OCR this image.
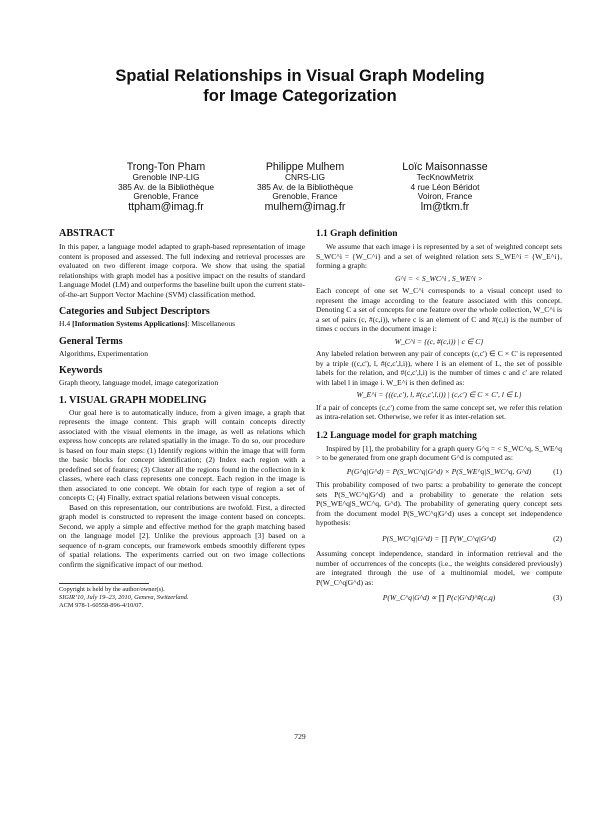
Spatial Relationships in Visual Graph Modeling
for Image Categorization
Trong-Ton Pham
Grenoble INP-LIG
385 Av. de la Bibliothèque
Grenoble, France
ttpham@imag.fr
Philippe Mulhem
CNRS-LIG
385 Av. de la Bibliothèque
Grenoble, France
mulhem@imag.fr
Loïc Maisonnasse
TecKnowMetrix
4 rue Léon Béridot
Voiron, France
lm@tkm.fr

ABSTRACT

In this paper, a language model adapted to graph-based representation of image content is proposed and assessed. The full indexing and retrieval processes are evaluated on two different image corpora. We show that using the spatial relationships with graph model has a positive impact on the results of standard Language Model (LM) and outperforms the baseline built upon the current state-of-the-art Support Vector Machine (SVM) classification method.

Categories and Subject Descriptors

H.4 [Information Systems Applications]: Miscellaneous

General Terms

Algorithms, Experimentation

Keywords

Graph theory, language model, image categorization

1. VISUAL GRAPH MODELING

Our goal here is to automatically induce, from a given image, a graph that represents the image content. This graph will contain concepts directly associated with the visual elements in the image, as well as relations which express how concepts are related spatially in the image. To do so, our procedure is based on four main steps: (1) Identify regions within the image that will form the basic blocks for concept identification; (2) Index each region with a predefined set of features; (3) Cluster all the regions found in the collection in k classes, where each class represents one concept. Each region in the image is then associated to one concept. We obtain for each type of region a set of concepts C; (4) Finally, extract spatial relations between visual concepts.

Based on this representation, our contributions are twofold. First, a directed graph model is constructed to represent the image content based on concepts. Second, we apply a simple and effective method for the graph matching based on the language model [2]. Unlike the previous approach [3] based on a sequence of n-gram concepts, our framework embeds smoothly different types of spatial relations. The experiments carried out on two image collections confirm the significative impact of our method.

Copyright is held by the author/owner(s).

SIGIR’10, July 19–23, 2010, Geneva, Switzerland.

ACM 978-1-60558-896-4/10/07.

1.1 Graph definition

We assume that each image i is represented by a set of weighted concept sets S_WC^i = {W_C^i} and a set of weighted relation sets S_WE^i = {W_E^i}, forming a graph:

G^i = < S_WC^i , S_WE^i >

Each concept of one set W_C^i corresponds to a visual concept used to represent the image according to the feature associated with this concept. Denoting C a set of concepts for one feature over the whole collection, W_C^i is a set of pairs (c, #(c,i)), where c is an element of C and #(c,i) is the number of times c occurs in the document image i:

W_C^i = {(c, #(c,i)) | c ∈ C}

Any labeled relation between any pair of concepts (c,c') ∈ C × C' is represented by a triple ((c,c'), l, #(c,c',l,i)), where l is an element of L, the set of possible labels for the relation, and #(c,c',l,i) is the number of times c and c' are related with label l in image i. W_E^i is then defined as:

W_E^i = {((c,c'), l, #(c,c',l,i)) | (c,c') ∈ C × C', l ∈ L}

If a pair of concepts (c,c') come from the same concept set, we refer this relation as intra-relation set. Otherwise, we refer it as inter-relation set.

1.2 Language model for graph matching

Inspired by [1], the probability for a graph query G^q = < S_WC^q, S_WE^q > to be generated from one graph document G^d is computed as:

P(G^q|G^d) = P(S_WC^q|G^d) × P(S_WE^q|S_WC^q, G^d)	(1)

This probability composed of two parts: a probability to generate the concept sets P(S_WC^q|G^d) and a probability to generate the relation sets P(S_WE^q|S_WC^q, G^d). The probability of generating query concept sets from the document model P(S_WC^q|G^d) uses a concept set independence hypothesis:

P(S_WC^q|G^d) = ∏ P(W_C^q|G^d)	(2)

Assuming concept independence, standard in information retrieval and the number of occurrences of the concepts (i.e., the weights considered previously) are integrated through the use of a multinomial model, we compute P(W_C^q|G^d) as:

P(W_C^q|G^d) ∝ ∏ P(c|G^d)^#(c,q)	(3)
729
